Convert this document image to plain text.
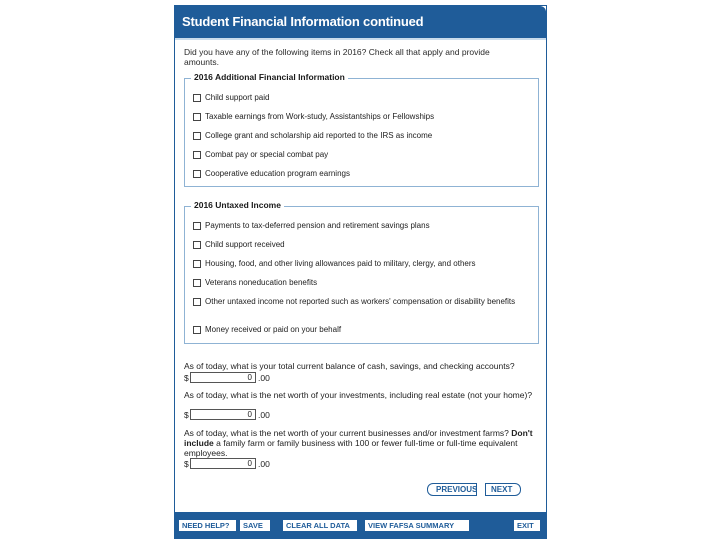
Student Financial Information continued
Did you have any of the following items in 2016? Check all that apply and provide amounts.
2016 Additional Financial Information
Child support paid
Taxable earnings from Work-study, Assistantships or Fellowships
College grant and scholarship aid reported to the IRS as income
Combat pay or special combat pay
Cooperative education program earnings
2016 Untaxed Income
Payments to tax-deferred pension and retirement savings plans
Child support received
Housing, food, and other living allowances paid to military, clergy, and others
Veterans noneducation benefits
Other untaxed income not reported such as workers' compensation or disability benefits
Money received or paid on your behalf
As of today, what is your total current balance of cash, savings, and checking accounts?
$
0	.00
As of today, what is the net worth of your investments, including real estate (not your home)?
$
0	.00
As of today, what is the net worth of your current businesses and/or investment farms? Don't include a family farm or family business with 100 or fewer full-time or full-time equivalent employees.
$
0	.00
PREVIOUS	NEXT
NEED HELP?	SAVE	CLEAR ALL DATA	VIEW FAFSA SUMMARY	EXIT
